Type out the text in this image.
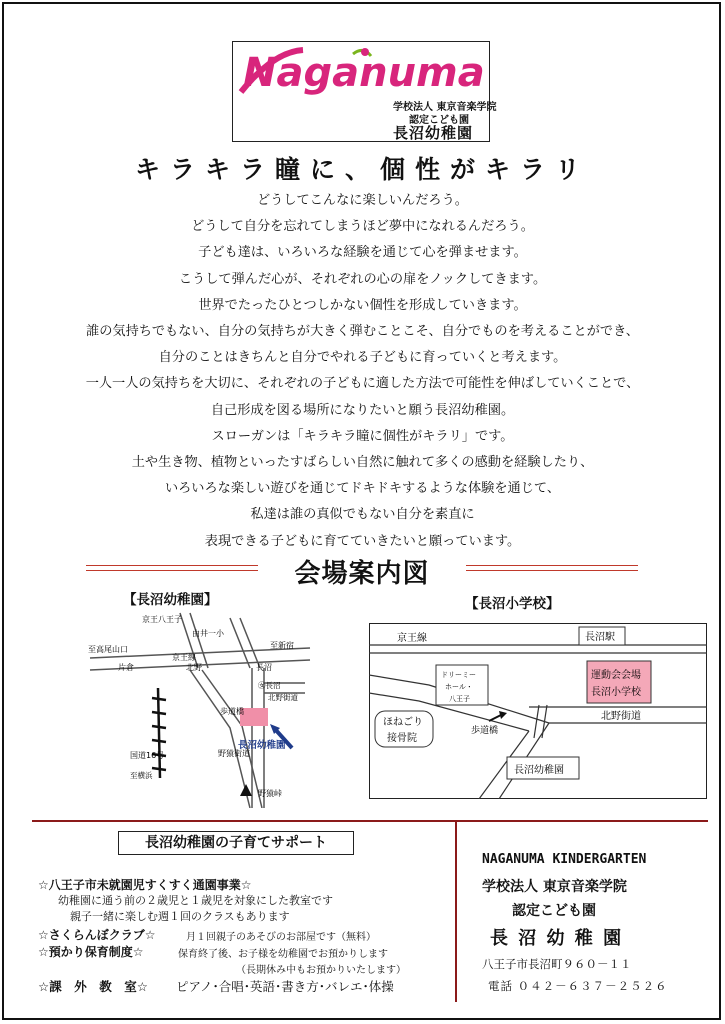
Naganuma
学校法人 東京音楽学院
認定こども園
長沼幼稚園
キラキラ瞳に、個性がキラリ
どうしてこんなに楽しいんだろう。
どうして自分を忘れてしまうほど夢中になれるんだろう。
子ども達は、いろいろな経験を通じて心を弾ませます。
こうして弾んだ心が、それぞれの心の扉をノックしてきます。
世界でたったひとつしかない個性を形成していきます。
誰の気持ちでもない、自分の気持ちが大きく弾むことこそ、自分でものを考えることができ、
自分のことはきちんと自分でやれる子どもに育っていくと考えます。
一人一人の気持ちを大切に、それぞれの子どもに適した方法で可能性を伸ばしていくことで、
自己形成を図る場所になりたいと願う長沼幼稚園。
スローガンは「キラキラ瞳に個性がキラリ」です。
土や生き物、植物といったすばらしい自然に触れて多くの感動を経験したり、
いろいろな楽しい遊びを通じてドキドキするような体験を通じて、
私達は誰の真似でもない自分を素直に
表現できる子どもに育てていきたいと願っています。
会場案内図
【長沼幼稚園】	【長沼小学校】
京王八王子
由井一小
至高尾山口
京王線
至新宿
片倉	北野	長沼
㊛長沼
北野街道
歩道橋
国道16号
至横浜
野猿街道
野猿峠
長沼幼稚園
京王線	長沼駅
ドリーミー
ホール・
八王子
運動会会場
長沼小学校
ほねごり
接骨院
歩道橋
北野街道
長沼幼稚園
長沼幼稚園の子育てサポート
☆八王子市未就園児すくすく通園事業☆
幼稚園に通う前の２歳児と１歳児を対象にした教室です
親子一緒に楽しむ週１回のクラスもあります
☆さくらんぼクラブ☆	月１回親子のあそびのお部屋です（無料）
☆預かり保育制度☆	保育終了後、お子様を幼稚園でお預かりします
（長期休み中もお預かりいたします）
☆課　外　教　室☆ ピアノ･合唱･英語･書き方･バレエ･体操
NAGANUMA KINDERGARTEN
学校法人 東京音楽学院
認定こども園
長 沼 幼 稚 園
八王子市長沼町９６０－１１
電話 ０４２－６３７－２５２６
